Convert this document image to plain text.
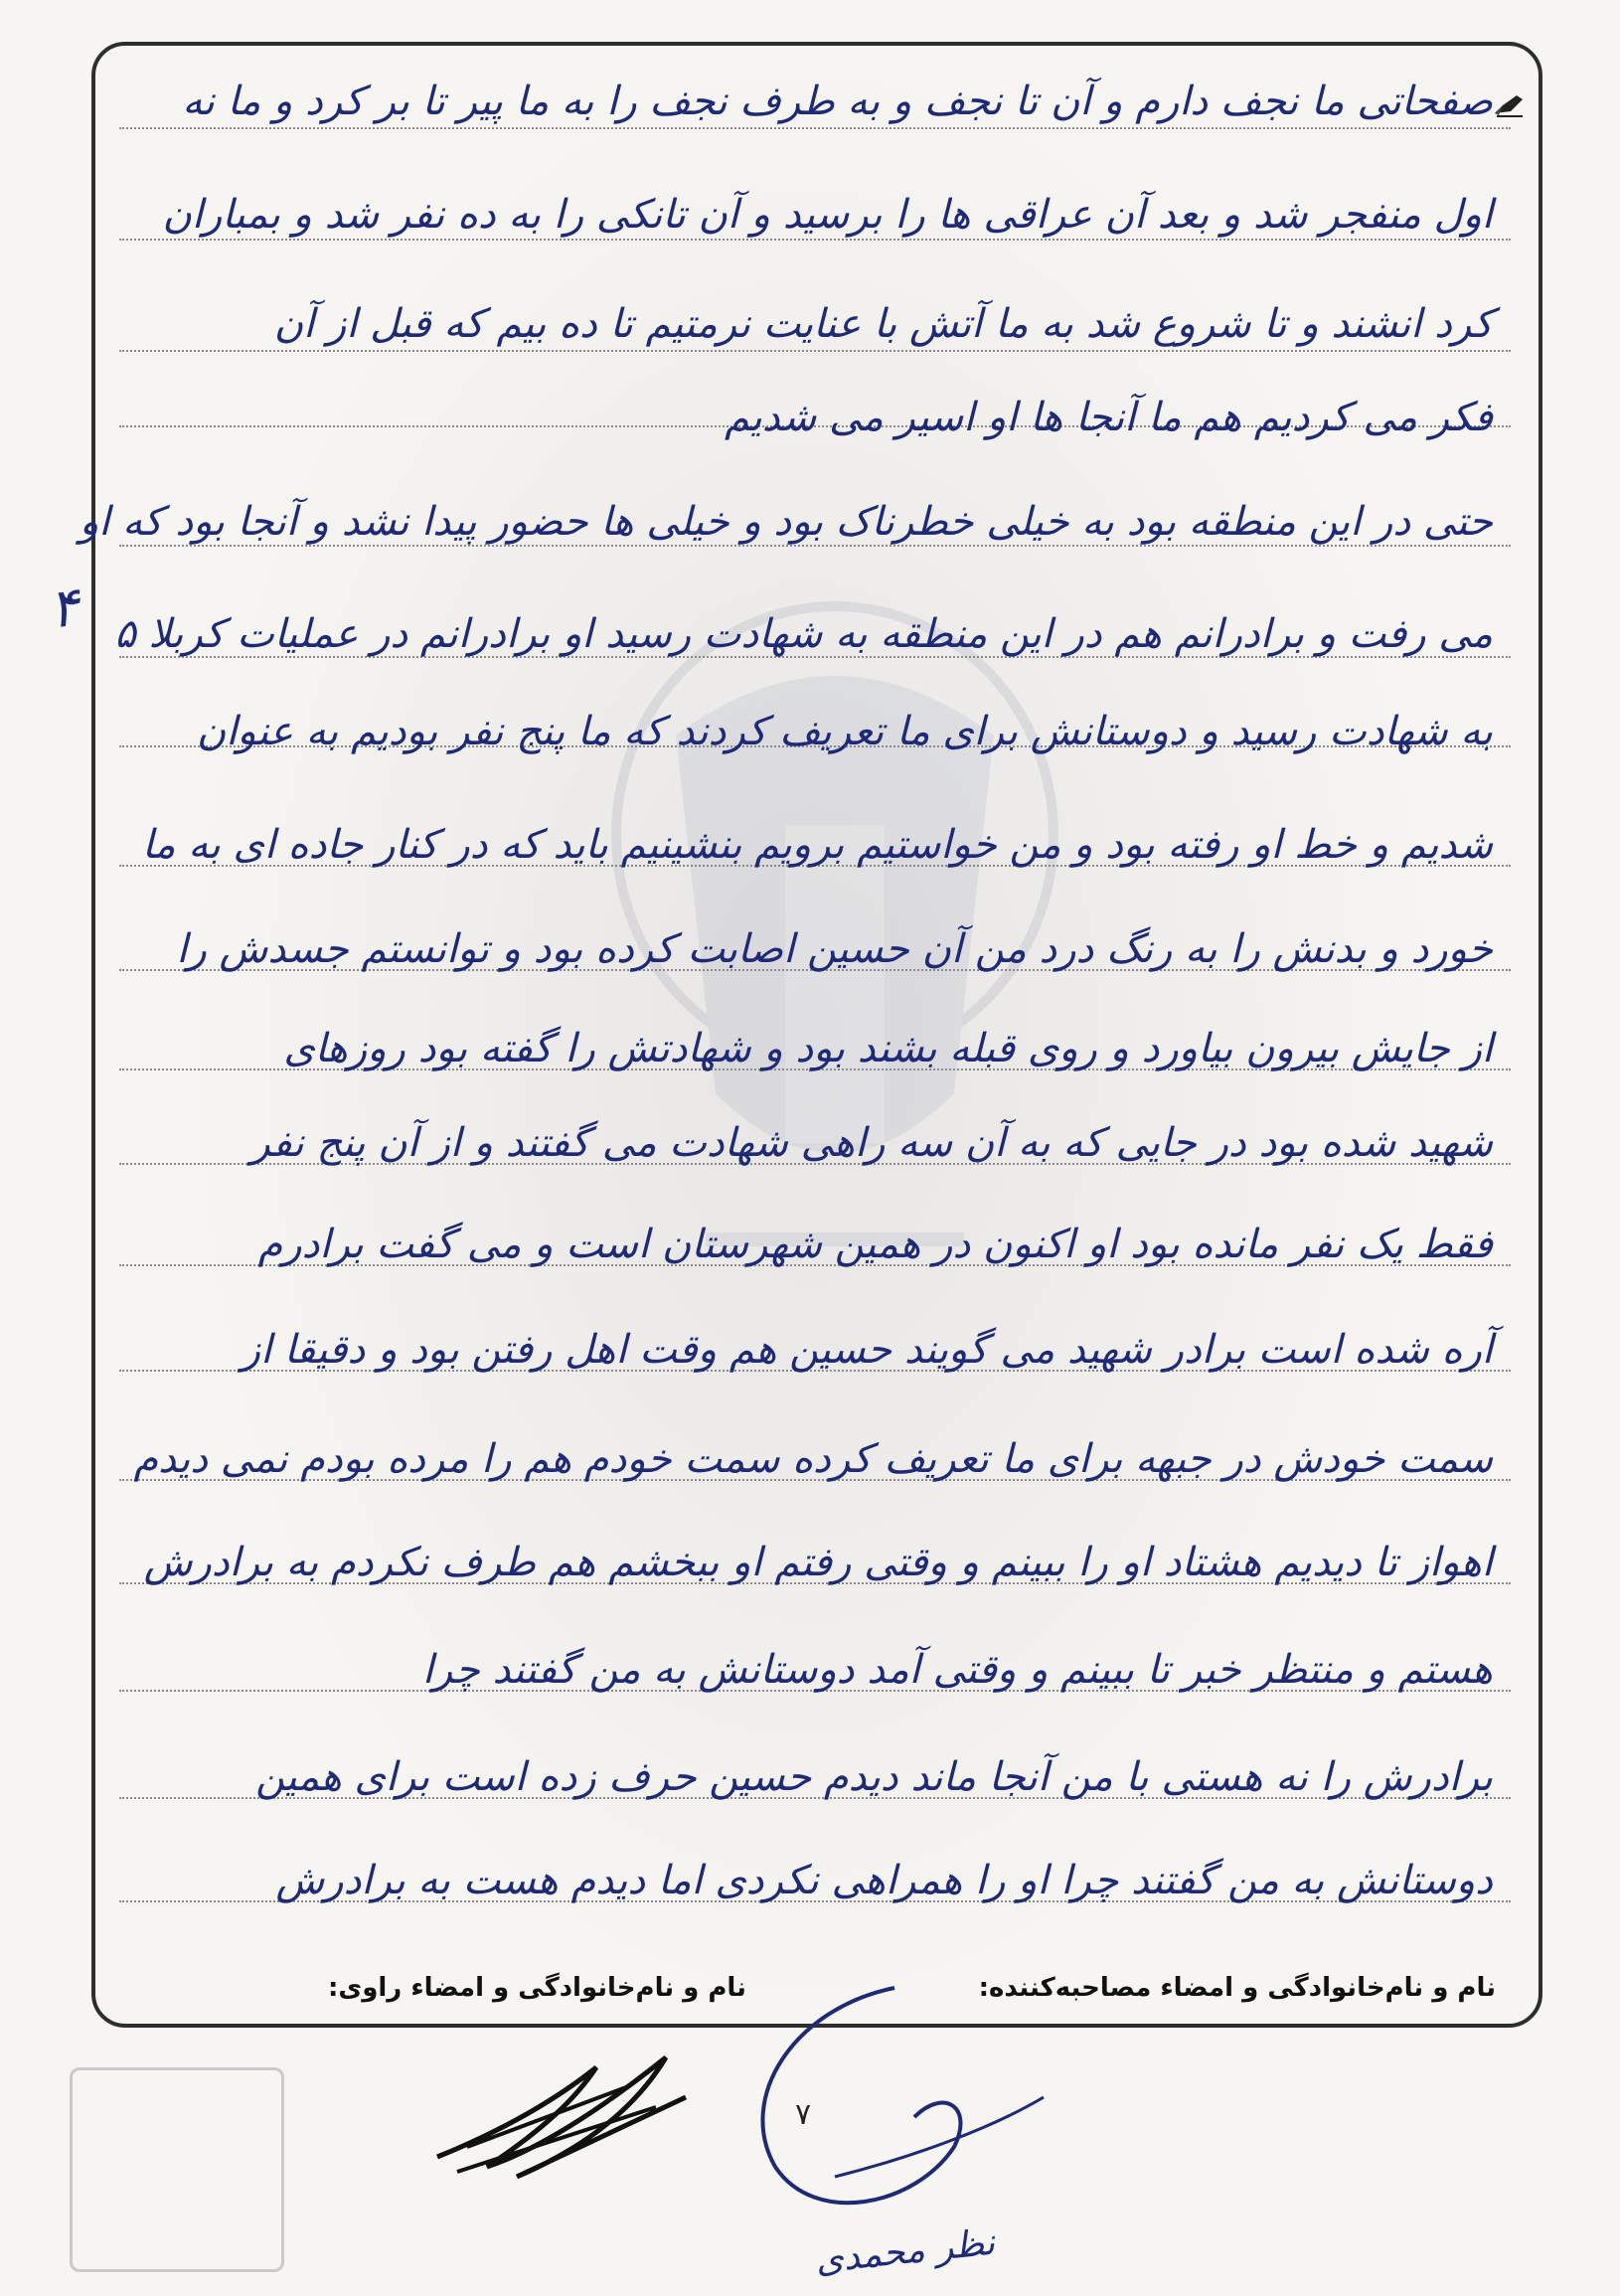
صفحاتی ما نجف دارم و آن تا نجف و به طرف نجف را به ما پیر تا بر کرد و ما نه
اول منفجر شد و بعد آن عراقی ها را برسید و آن تانکی را به ده نفر شد و بمباران
کرد انشند و تا شروع شد به ما آتش با عنایت نرمتیم تا ده بیم که قبل از آن
فکر می کردیم هم ما آنجا ها او اسیر می شدیم
حتی در این منطقه بود به خیلی خطرناک بود و خیلی ها حضور پیدا نشد و آنجا بود که او
می رفت و برادرانم هم در این منطقه به شهادت رسید او برادرانم در عملیات کربلا ۵
به شهادت رسید و دوستانش برای ما تعریف کردند که ما پنج نفر بودیم به عنوان
شدیم و خط او رفته بود و من خواستیم برویم بنشینیم باید که در کنار جاده ای به ما
خورد و بدنش را به رنگ درد من آن حسین اصابت کرده بود و توانستم جسدش را
از جایش بیرون بیاورد و روی قبله بشند بود و شهادتش را گفته بود روزهای
شهید شده بود در جایی که به آن سه راهی شهادت می گفتند و از آن پنج نفر
فقط یک نفر مانده بود او اکنون در همین شهرستان است و می گفت برادرم
آره شده است برادر شهید می گویند حسین هم وقت اهل رفتن بود و دقیقا از
سمت خودش در جبهه برای ما تعریف کرده سمت خودم هم را مرده بودم نمی دیدم
اهواز تا دیدیم هشتاد او را ببینم و وقتی رفتم او ببخشم هم طرف نکردم به برادرش
هستم و منتظر خبر تا ببینم و وقتی آمد دوستانش به من گفتند چرا
برادرش را نه هستی با من آنجا ماند دیدم حسین حرف زده است برای همین
دوستانش به من گفتند چرا او را همراهی نکردی اما دیدم هست به برادرش
۴
نام و نام‌خانوادگی و امضاء مصاحبه‌کننده:
نام و نام‌خانوادگی و امضاء راوی:
۷
نظر محمدی
